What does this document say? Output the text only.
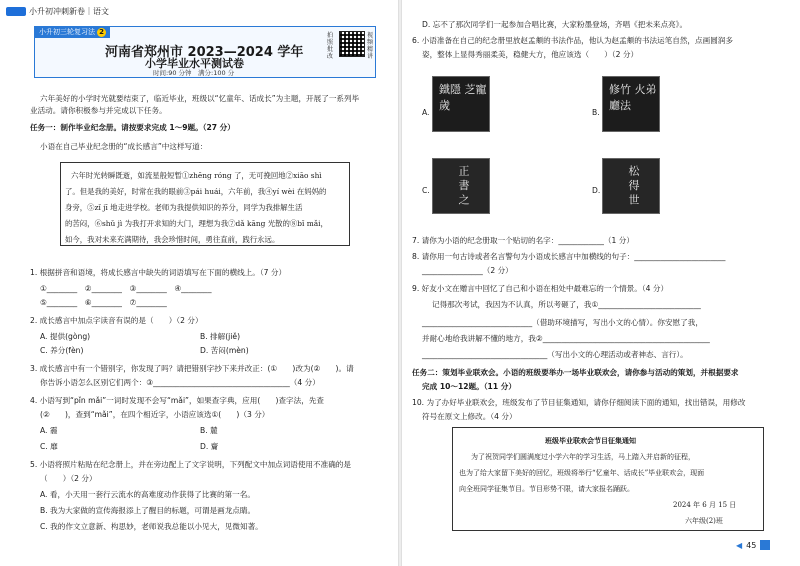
小升初冲刺新卷｜语文
小升初三轮复习法 2
河南省郑州市 2023—2024 学年
小学毕业水平测试卷
时间:90 分钟　满分:100 分
拍照批改
视频精讲
六年美好的小学时光就要结束了，临近毕业，班级以“忆童年、话成长”为主题，开展了一系列毕
业活动。请你积极参与并完成以下任务。
任务一：制作毕业纪念册。请按要求完成 1～9题。（27 分）
小语在自己毕业纪念册的“成长感言”中这样写道：
六年时光转瞬既逝，如流星般短暂①zhēng róng 了，无可挽回地②xiāo shì
了。但是我的美好，时常在我的眼前③pái huái，六年前，我④yí wèi 在妈妈的
身旁，⑤zǐ jī 地走进学校。老师为我提供知识的养分，同学为我排解生活
的苦闷，⑥shǔ jì 为我打开求知的大门，理想为我⑦dǎ kāng 光散的⑧bǐ mǎi，
如今，我对未来充满期待，我会珍惜时间，勇往直前，践行永远。
1. 根据拼音和语境，将成长感言中缺失的词语填写在下面的横线上。（7 分）
①________　②________　③________　④________
⑤________　⑥________　⑦________
2. 成长感言中加点字读音有误的是（　　）（2 分）
A. 提供(gòng)	B. 排解(jiě)
C. 养分(fèn)	D. 苦闷(mèn)
3. 成长感言中有一个错别字，你发现了吗？请把错别字抄下来并改正：(①　　)改为(②　　)。请
你告诉小语怎么区别它们两个：③____________________________________（4 分）
4. 小语写到“pǐn mǎi”一词时发现不会写“mǎi”，如果查字典，应用(　　)查字法，先查
(②　　)，查到“mǎi”，在四个相近字，小语应该选①(　　)（3 分）
A. 霾	B. 麓
C. 靡	D. 齎
5. 小语将照片粘贴在纪念册上，并在旁边配上了文字说明，下列配文中加点词语使用不准确的是
（　　）（2 分）
A. 看，小天用一套行云流水的高难度动作获得了比赛的第一名。
B. 我为大家做的宣传海报添上了醒目的标题，可谓是画龙点睛。
C. 我的作文立意新、构思妙，老师说我总能以小见大，见微知著。
D. 忘不了那次同学们一起参加合唱比赛，大家粉墨登场，齐唱《把未来点亮》。
6. 小语准备在自己的纪念册里放赵孟頫的书法作品，他认为赵孟頫的书法运笔自然，点画圆润多
姿，整体上显得秀丽柔美，稳健大方，他应该选（　　）（2 分）
A.
鐵隱 芝寵 歲
B.
修竹 火弟 廳法
C. 正 書 之	D. 松 得 世
7. 请你为小语的纪念册取一个贴切的名字：____________（1 分）
8. 请你用一句古诗或者名言警句为小语成长感言中加横线的句子：________________________
________________（2 分）
9. 好友小文在赠言中回忆了自己和小语在相处中最难忘的一个情景。（4 分）
记得那次考试，我因为不认真，所以考砸了，我①___________________________
_____________________________（借助环境描写，写出小文的心情）。你安慰了我，
并耐心地给我讲解不懂的地方，我②____________________________________________
_________________________________（写出小文的心理活动或者神态、言行）。
任务二：策划毕业联欢会。小语的班级要举办一场毕业联欢会，请你参与活动的策划，并根据要求
完成 10～12题。（11 分）
10. 为了办好毕业联欢会，班级发布了节目征集通知，请你仔细阅读下面的通知，找出错误，用修改
符号在原文上修改。（4 分）
班级毕业联欢会节目征集通知
为了祝贺同学们圆满度过小学六年的学习生活，马上踏入并启新的征程，
也为了给大家留下美好的回忆，班级将举行“忆童年、话成长”毕业联欢会，现面
向全班同学征集节目。节目形势不限，请大家报名踊跃。
2024 年 6 月 15 日
六年级(2)班
◀ 45
